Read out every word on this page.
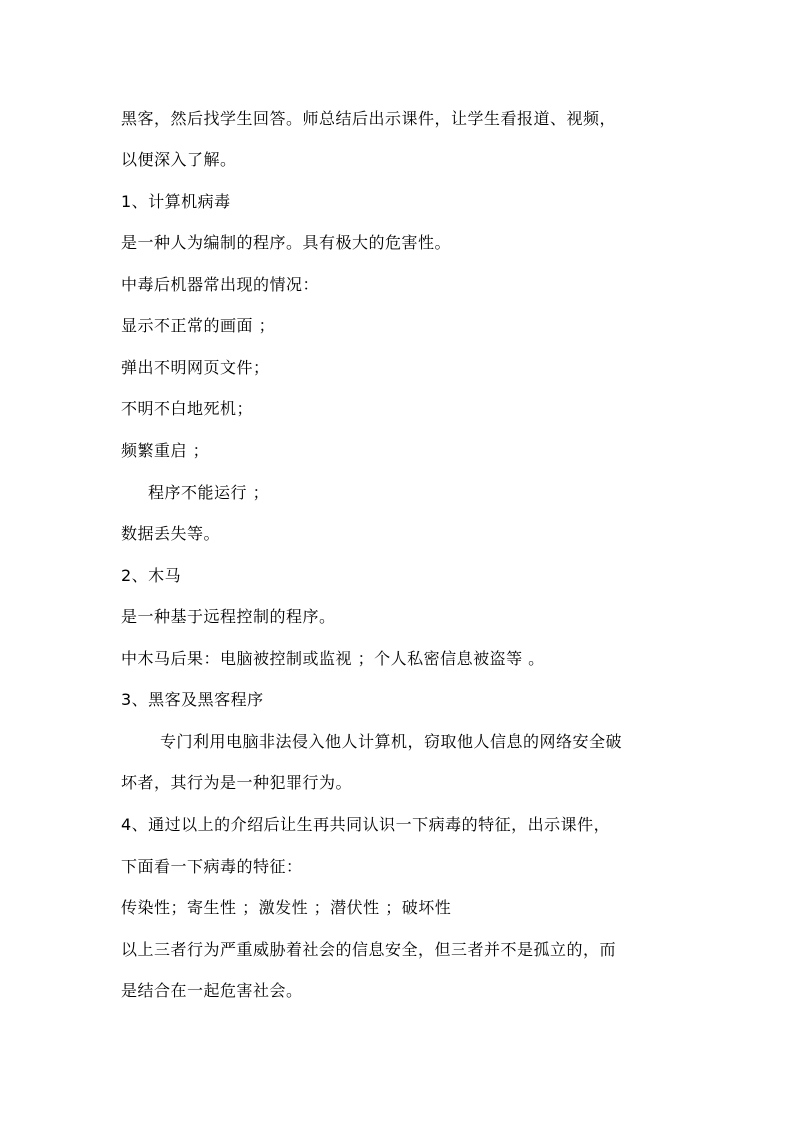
黑客，然后找学生回答。师总结后出示课件，让学生看报道、视频，
以便深入了解。
1、计算机病毒
是一种人为编制的程序。具有极大的危害性。
中毒后机器常出现的情况：
显示不正常的画面 ；
弹出不明网页文件；
不明不白地死机；
频繁重启 ；
程序不能运行 ；
数据丢失等。
2、木马
是一种基于远程控制的程序。
中木马后果：电脑被控制或监视 ；个人私密信息被盗等 。
3、黑客及黑客程序
专门利用电脑非法侵入他人计算机，窃取他人信息的网络安全破
坏者，其行为是一种犯罪行为。
4、通过以上的介绍后让生再共同认识一下病毒的特征，出示课件，
下面看一下病毒的特征：
传染性；寄生性 ；激发性 ；潜伏性 ；破坏性
以上三者行为严重威胁着社会的信息安全，但三者并不是孤立的，而
是结合在一起危害社会。
